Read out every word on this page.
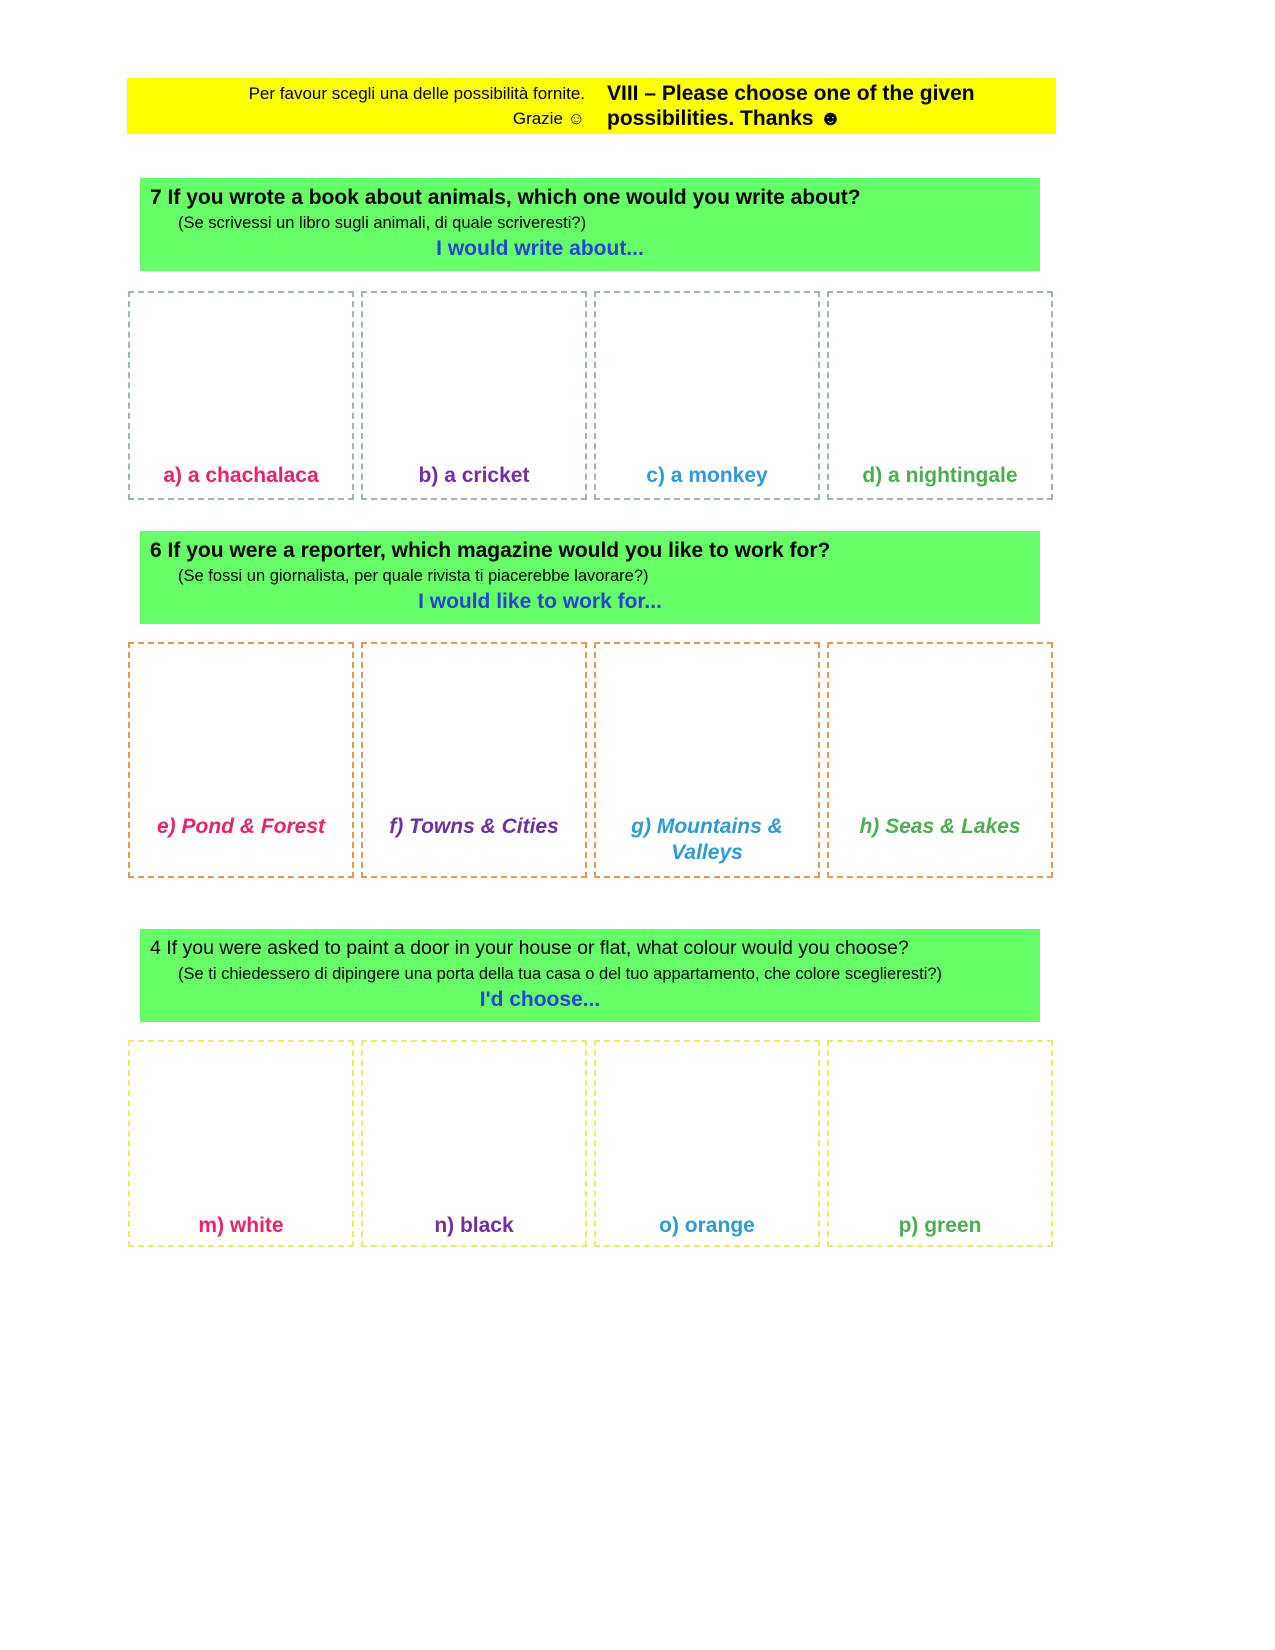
Per favour scegli una delle possibilità fornite.
Grazie ☺
VIII – Please choose one of the given
possibilities. Thanks ☻
7 If you wrote a book about animals, which one would you write about?
(Se scrivessi un libro sugli animali, di quale scriveresti?)
I would write about...
a) a chachalaca	b) a cricket	c) a monkey	d) a nightingale
6 If you were a reporter, which magazine would you like to work for?
(Se fossi un giornalista, per quale rivista ti piacerebbe lavorare?)
I would like to work for...
e) Pond & Forest	f) Towns & Cities	g) Mountains & Valleys
h) Seas & Lakes
4 If you were asked to paint a door in your house or flat, what colour would you choose?
(Se ti chiedessero di dipingere una porta della tua casa o del tuo appartamento, che colore sceglieresti?)
I'd choose...
m) white	n) black	o) orange	p) green
